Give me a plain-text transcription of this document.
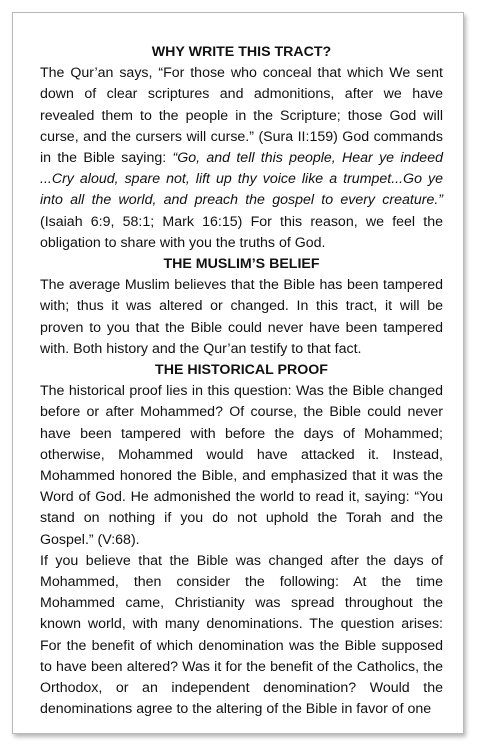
WHY WRITE THIS TRACT?

The Qur’an says, “For those who conceal that which We sent down of clear scriptures and admonitions, after we have revealed them to the people in the Scripture; those God will curse, and the cursers will curse.” (Sura II:159) God commands in the Bible saying: “Go, and tell this people, Hear ye indeed ...Cry aloud, spare not, lift up thy voice like a trumpet...Go ye into all the world, and preach the gospel to every creature.” (Isaiah 6:9, 58:1; Mark 16:15) For this reason, we feel the obligation to share with you the truths of God.

THE MUSLIM’S BELIEF

The average Muslim believes that the Bible has been tampered with; thus it was altered or changed. In this tract, it will be proven to you that the Bible could never have been tampered with. Both history and the Qur’an testify to that fact.

THE HISTORICAL PROOF

The historical proof lies in this question: Was the Bible changed before or after Mohammed? Of course, the Bible could never have been tampered with before the days of Mohammed; otherwise, Mohammed would have attacked it. Instead, Mohammed honored the Bible, and emphasized that it was the Word of God. He admonished the world to read it, saying: “You stand on nothing if you do not uphold the Torah and the Gospel.” (V:68).

If you believe that the Bible was changed after the days of Mohammed, then consider the following: At the time Mohammed came, Christianity was spread throughout the known world, with many denominations. The question arises: For the benefit of which denomination was the Bible supposed to have been altered? Was it for the benefit of the Catholics, the Orthodox, or an independent denomination? Would the denominations agree to the altering of the Bible in favor of one
